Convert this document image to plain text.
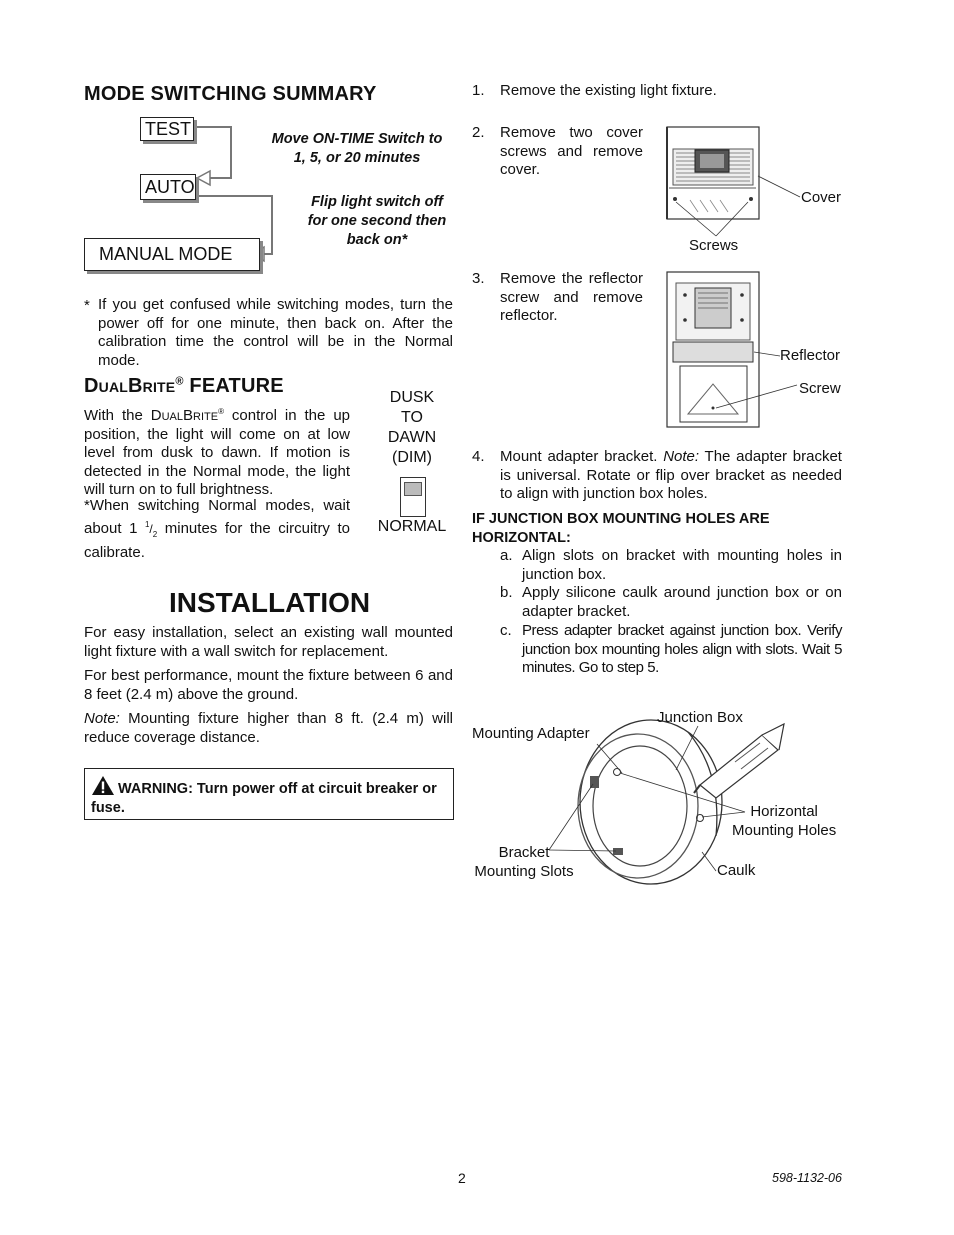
MODE SWITCHING SUMMARY
TEST
AUTO
MANUAL MODE
Move ON-TIME Switch to
1, 5, or 20 minutes
Flip light switch off
for one second then
back on*
* If you get confused while switching modes, turn the power off for one minute, then back on. After the calibration time the control will be in the Normal mode.
DualBrite® FEATURE
With the DualBrite® control in the up position, the light will come on at low level from dusk to dawn. If motion is detected in the Normal mode, the light will turn on to full brightness.
*When switching Normal modes, wait about 1 $^1/_2$ minutes for the circuitry to calibrate.
DUSK
TO
DAWN
(DIM)
NORMAL
INSTALLATION
For easy installation, select an existing wall mounted light fixture with a wall switch for replacement.
For best performance, mount the fixture between 6 and 8 feet (2.4 m) above the ground.
Note: Mounting fixture higher than 8 ft. (2.4 m) will reduce coverage distance.
WARNING: Turn power off at circuit breaker or fuse.
1. Remove the existing light fixture.
2. Remove two cover screws and remove cover.
Cover
Screws
3. Remove the reflector screw and remove reflector.
Reflector
Screw
4. Mount adapter bracket. Note: The adapter bracket is universal. Rotate or flip over bracket as needed to align with junction box holes.
IF JUNCTION BOX MOUNTING HOLES ARE
HORIZONTAL:
a. Align slots on bracket with mounting holes in junction box.
b. Apply silicone caulk around junction box or on adapter bracket.
c. Press adapter bracket against junction box. Verify junction box mounting holes align with slots. Wait 5 minutes. Go to step 5.
Junction Box
Mounting Adapter
Horizontal
Mounting Holes
Bracket
Mounting Slots	Caulk
2	598-1132-06
